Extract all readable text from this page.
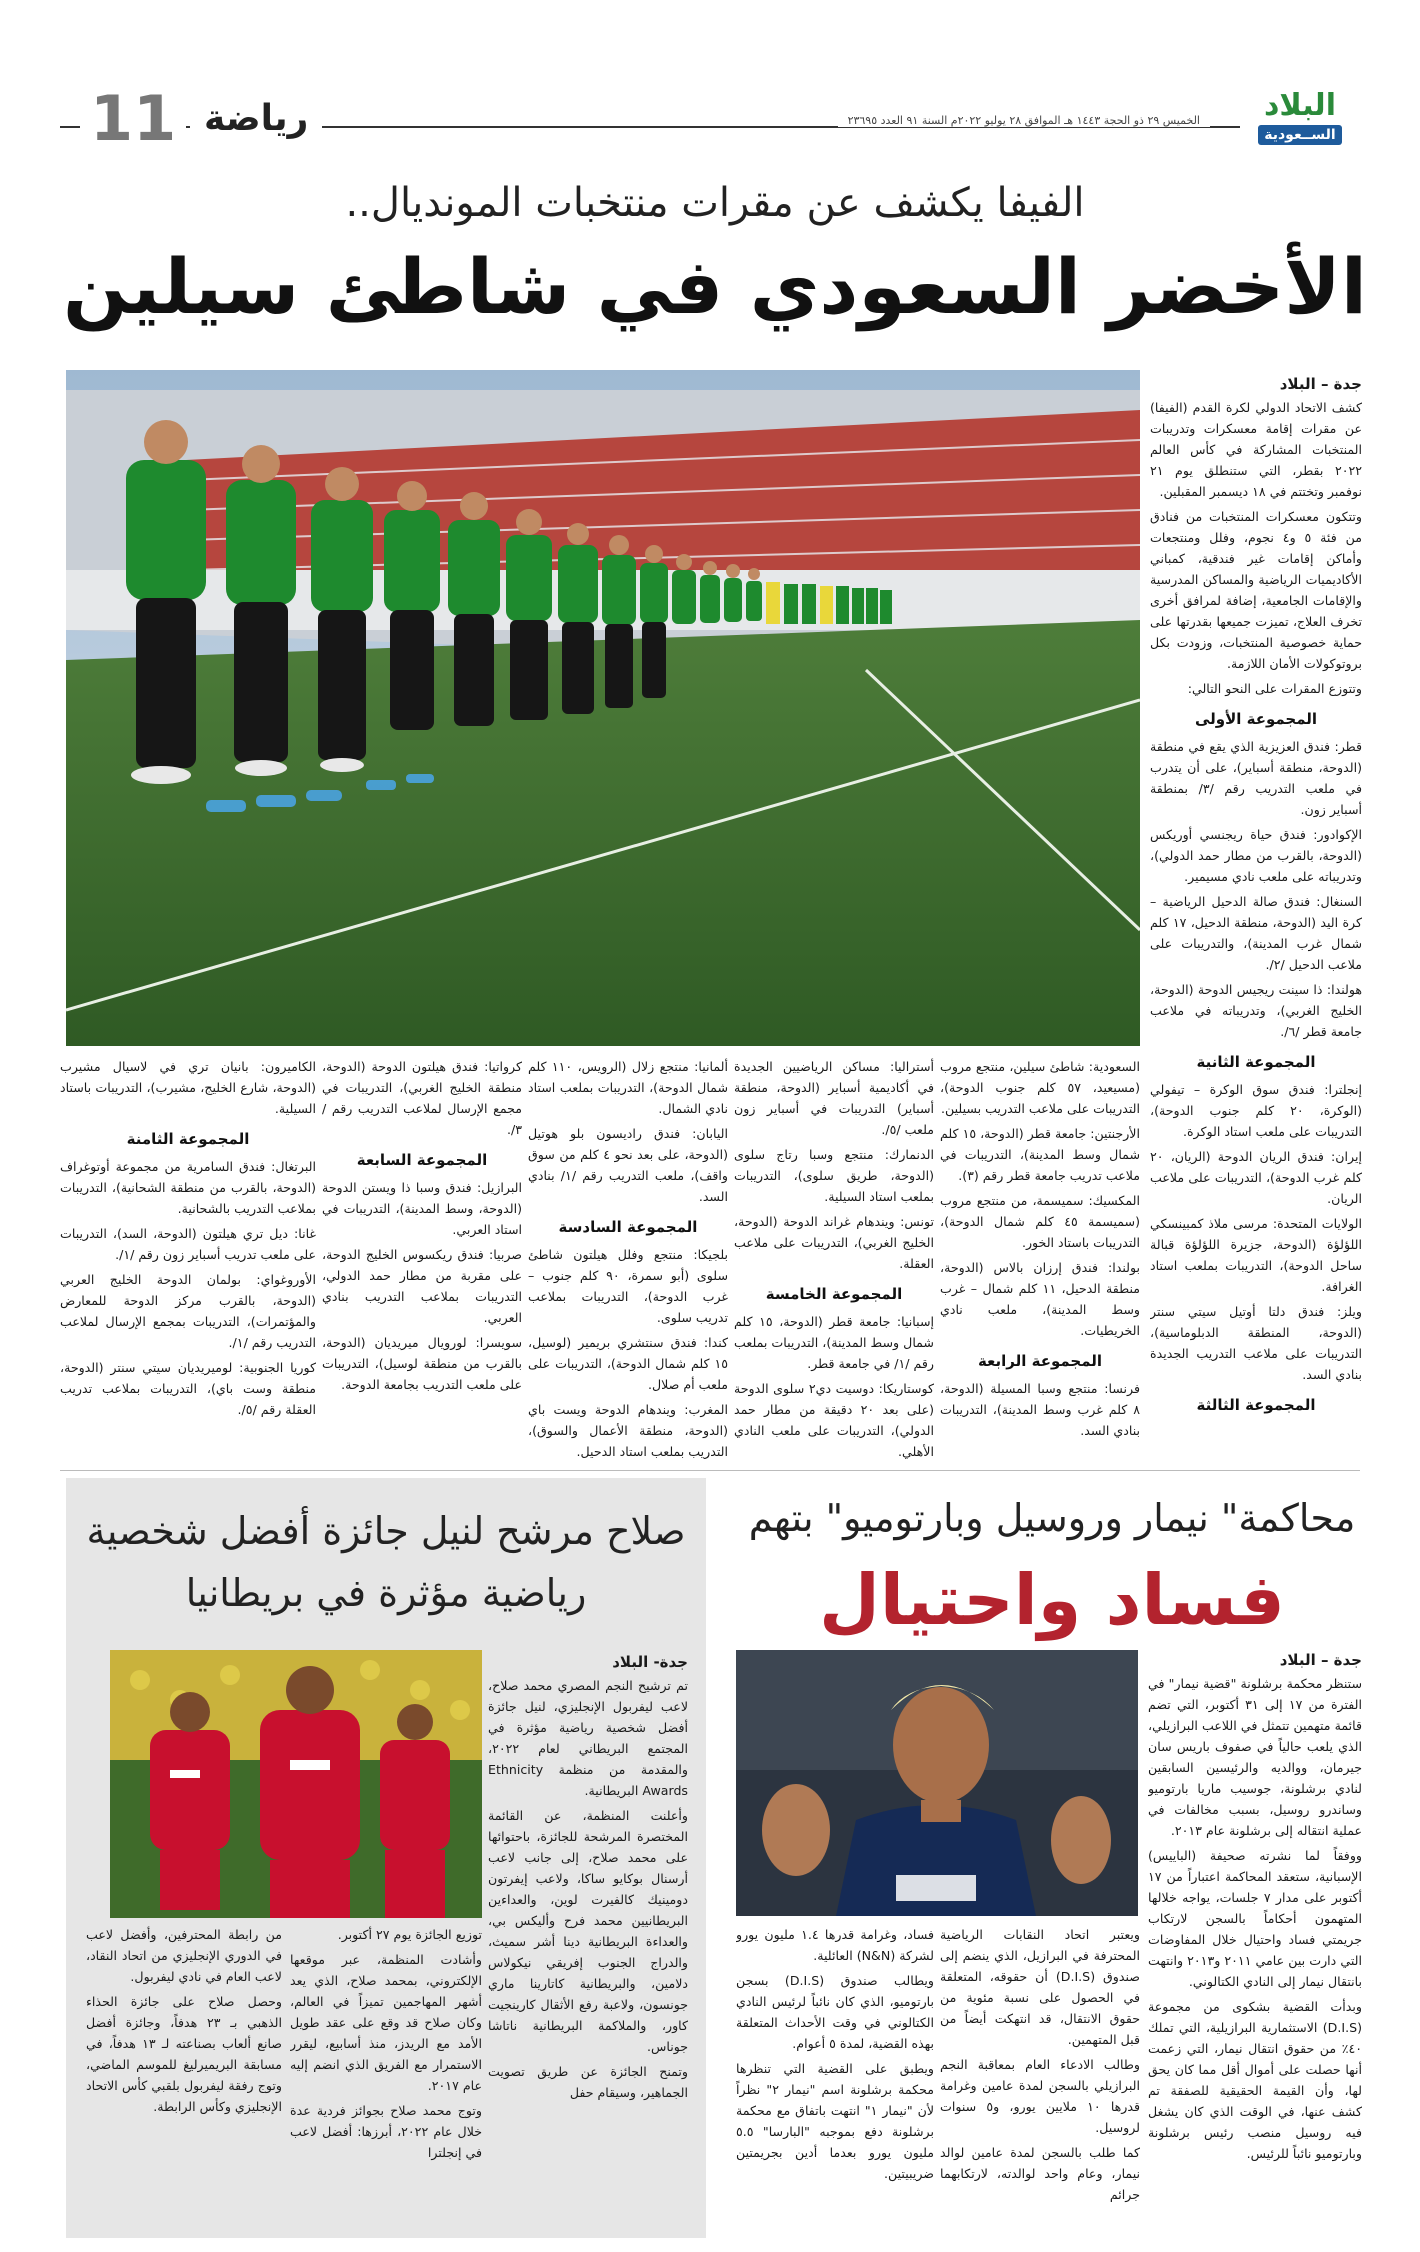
البلاد
الســعودية
الخميس ٢٩ ذو الحجة ١٤٤٣ هـ الموافق ٢٨ يوليو ٢٠٢٢م السنة ٩١ العدد ٢٣٦٩٥
رياضة
11
الفيفا يكشف عن مقرات منتخبات المونديال..
الأخضر السعودي في شاطئ سيلين
جدة – البلاد

كشف الاتحاد الدولي لكرة القدم (الفيفا) عن مقرات إقامة معسكرات وتدريبات المنتخبات المشاركة في كأس العالم ٢٠٢٢ بقطر، التي ستنطلق يوم ٢١ نوفمبر وتختتم في ١٨ ديسمبر المقبلين.

وتتكون معسكرات المنتخبات من فنادق من فئة ٥ و٤ نجوم، وفلل ومنتجعات وأماكن إقامات غير فندقية، كمباني الأكاديميات الرياضية والمساكن المدرسية والإقامات الجامعية، إضافة لمرافق أخرى تخرف العلاج، تميزت جميعها بقدرتها على حماية خصوصية المنتخبات، وزودت بكل بروتوكولات الأمان اللازمة.

وتتوزع المقرات على النحو التالي:

المجموعة الأولى

قطر: فندق العزيزية الذي يقع في منطقة (الدوحة، منطقة أسباير)، على أن يتدرب في ملعب التدريب رقم /٣/ بمنطقة أسباير زون.

الإكوادور: فندق حياة ريجنسي أوريكس (الدوحة، بالقرب من مطار حمد الدولي)، وتدريباته على ملعب نادي مسيمير.

السنغال: فندق صالة الدحيل الرياضية – كرة اليد (الدوحة، منطقة الدحيل، ١٧ كلم شمال غرب المدينة)، والتدريبات على ملاعب الدحيل /٢/.

هولندا: ذا سينت ريجيس الدوحة (الدوحة، الخليج الغربي)، وتدريباته في ملاعب جامعة قطر /٦/.

المجموعة الثانية

إنجلترا: فندق سوق الوكرة – تيفولي (الوكرة، ٢٠ كلم جنوب الدوحة)، التدريبات على ملعب استاد الوكرة.

إيران: فندق الريان الدوحة (الريان، ٢٠ كلم غرب الدوحة)، التدريبات على ملاعب الريان.

الولايات المتحدة: مرسى ملاذ كمبينسكي اللؤلؤة (الدوحة، جزيرة اللؤلؤة قبالة ساحل الدوحة)، التدريبات بملعب استاد الغرافة.

ويلز: فندق دلتا أوتيل سيتي سنتر (الدوحة، المنطقة الدبلوماسية)، التدريبات على ملاعب التدريب الجديدة بنادي السد.

المجموعة الثالثة

السعودية: شاطئ سيلين، منتجع مروب (مسيعيد، ٥٧ كلم جنوب الدوحة)، التدريبات على ملاعب التدريب بسيلين.

الأرجنتين: جامعة قطر (الدوحة، ١٥ كلم شمال وسط المدينة)، التدريبات في ملاعب تدريب جامعة قطر رقم (٣).

المكسيك: سميسمة، من منتجع مروب (سميسمة ٤٥ كلم شمال الدوحة)، التدريبات باستاد الخور.

بولندا: فندق إرزان بالاس (الدوحة، منطقة الدحيل، ١١ كلم شمال – غرب وسط المدينة)، ملعب نادي الخريطيات.

المجموعة الرابعة

فرنسا: منتجع وسبا المسيلة (الدوحة، ٨ كلم غرب وسط المدينة)، التدريبات بنادي السد.

أستراليا: مساكن الرياضيين الجديدة في أكاديمية أسباير (الدوحة، منطقة أسباير) التدريبات في أسباير زون ملعب /٥/.

الدنمارك: منتجع وسبا رتاج سلوى (الدوحة، طريق سلوى)، التدريبات بملعب استاد السيلية.

تونس: ويندهام غراند الدوحة (الدوحة، الخليج الغربي)، التدريبات على ملاعب العقلة.

المجموعة الخامسة

إسبانيا: جامعة قطر (الدوحة، ١٥ كلم شمال وسط المدينة)، التدريبات بملعب رقم /١/ في جامعة قطر.

كوستاريكا: دوسيت دي٢ سلوى الدوحة (على بعد ٢٠ دقيقة من مطار حمد الدولي)، التدريبات على ملعب النادي الأهلي.

ألمانيا: منتجع زلال (الرويس، ١١٠ كلم شمال الدوحة)، التدريبات بملعب استاد نادي الشمال.

اليابان: فندق راديسون بلو هوتيل (الدوحة، على بعد نحو ٤ كلم من سوق واقف)، ملعب التدريب رقم /١/ بنادي السد.

المجموعة السادسة

بلجيكا: منتجع وفلل هيلتون شاطئ سلوى (أبو سمرة، ٩٠ كلم جنوب – غرب الدوحة)، التدريبات بملاعب تدريب سلوى.

كندا: فندق سنتشري بريمير (لوسيل، ١٥ كلم شمال الدوحة)، التدريبات على ملعب أم صلال.

المغرب: ويندهام الدوحة ويست باي (الدوحة، منطقة الأعمال والسوق)، التدريب بملعب استاد الدحيل.

كرواتيا: فندق هيلتون الدوحة (الدوحة، منطقة الخليج الغربي)، التدريبات في مجمع الإرسال لملاعب التدريب رقم /٣/.

المجموعة السابعة

البرازيل: فندق وسبا ذا ويستن الدوحة (الدوحة، وسط المدينة)، التدريبات في استاد العربي.

صربيا: فندق ريكسوس الخليج الدوحة، على مقربة من مطار حمد الدولي، التدريبات بملاعب التدريب بنادي العربي.

سويسرا: لورويال ميريديان (الدوحة، بالقرب من منطقة لوسيل)، التدريبات على ملعب التدريب بجامعة الدوحة.

الكاميرون: بانيان تري في لاسيال مشيرب (الدوحة، شارع الخليج، مشيرب)، التدريبات باستاد السيلية.

المجموعة الثامنة

البرتغال: فندق السامرية من مجموعة أوتوغراف (الدوحة، بالقرب من منطقة الشحانية)، التدريبات بملاعب التدريب بالشحانية.

غانا: ديل تري هيلتون (الدوحة، السد)، التدريبات على ملعب تدريب أسباير زون رقم /١/.

الأوروغواي: بولمان الدوحة الخليج العربي (الدوحة، بالقرب مركز الدوحة للمعارض والمؤتمرات)، التدريبات بمجمع الإرسال لملاعب التدريب رقم /١/.

كوريا الجنوبية: لوميريديان سيتي سنتر (الدوحة، منطقة وست باي)، التدريبات بملاعب تدريب العقلة رقم /٥/.

صلاح مرشح لنيل جائزة أفضل شخصية رياضية مؤثرة في بريطانيا
جدة- البلاد

تم ترشيح النجم المصري محمد صلاح، لاعب ليفربول الإنجليزي، لنيل جائزة أفضل شخصية رياضية مؤثرة في المجتمع البريطاني لعام ٢٠٢٢، والمقدمة من منظمة Ethnicity Awards البريطانية.

وأعلنت المنظمة، عن القائمة المختصرة المرشحة للجائزة، باحتوائها على محمد صلاح، إلى جانب لاعب أرسنال بوكايو ساكا، ولاعب إيفرتون دومينيك كالفيرت لوين، والعداءين البريطانيين محمد فرح وأليكس بي، والعداءة البريطانية دينا أشر سميث، والدراج الجنوب إفريقي نيكولاس دلامين، والبريطانية كاتارينا ماري جونسون، ولاعبة رفع الأثقال كارينجيت كاور، والملاكمة البريطانية ناتاشا جوناس.

وتمنح الجائزة عن طريق تصويت الجماهير، وسيقام حفل

توزيع الجائزة يوم ٢٧ أكتوبر.

وأشادت المنظمة، عبر موقعها الإلكتروني، بمحمد صلاح، الذي يعد أشهر المهاجمين تميزاً في العالم، وكان صلاح قد وقع على عقد طويل الأمد مع الريدز، منذ أسابيع، ليقرر الاستمرار مع الفريق الذي انضم إليه عام ٢٠١٧.

وتوج محمد صلاح بجوائز فردية عدة خلال عام ٢٠٢٢، أبرزها: أفضل لاعب في إنجلترا

من رابطة المحترفين، وأفضل لاعب في الدوري الإنجليزي من اتحاد النقاد، لاعب العام في نادي ليفربول.

وحصل صلاح على جائزة الحذاء الذهبي بـ ٢٣ هدفاً، وجائزة أفضل صانع ألعاب بصناعته لـ ١٣ هدفاً، في مسابقة البريميرليغ للموسم الماضي، وتوج رفقة ليفربول بلقبي كأس الاتحاد الإنجليزي وكأس الرابطة.

محاكمة" نيمار وروسيل وبارتوميو" بتهم
فساد واحتيال
جدة – البلاد

ستنظر محكمة برشلونة "قضية نيمار" في الفترة من ١٧ إلى ٣١ أكتوبر، التي تضم قائمة متهمين تتمثل في اللاعب البرازيلي، الذي يلعب حالياً في صفوف باريس سان جيرمان، ووالديه والرئيسين السابقين لنادي برشلونة، جوسيب ماريا بارتوميو وساندرو روسيل، بسبب مخالفات في عملية انتقاله إلى برشلونة عام ٢٠١٣.

ووفقاً لما نشرته صحيفة (الباييس) الإسبانية، ستعقد المحاكمة اعتباراً من ١٧ أكتوبر على مدار ٧ جلسات، يواجه خلالها المتهمون أحكاماً بالسجن لارتكاب جريمتي فساد واحتيال خلال المفاوضات التي دارت بين عامي ٢٠١١ و٢٠١٣ وانتهت بانتقال نيمار إلى النادي الكتالوني.

وبدأت القضية بشكوى من مجموعة (D.I.S) الاستثمارية البرازيلية، التي تملك ٤٠٪ من حقوق انتقال نيمار، التي زعمت أنها حصلت على أموال أقل مما كان يحق لها، وأن القيمة الحقيقية للصفقة تم كشف عنها، في الوقت الذي كان يشغل فيه روسيل منصب رئيس برشلونة وبارتوميو نائباً للرئيس.

ويعتبر اتحاد النقابات الرياضية المحترفة في البرازيل، الذي ينضم إلى صندوق (D.I.S) أن حقوقه، المتعلقة في الحصول على نسبة مئوية من حقوق الانتقال، قد انتهكت أيضاً من قبل المتهمين.

وطالب الادعاء العام بمعاقبة النجم البرازيلي بالسجن لمدة عامين وغرامة قدرها ١٠ ملايين يورو، و٥ سنوات لروسيل.

كما طلب بالسجن لمدة عامين لوالد نيمار، وعام واحد لوالدته، لارتكابهما جرائم

فساد، وغرامة قدرها ١.٤ مليون يورو لشركة (N&N) العائلية.

ويطالب صندوق (D.I.S) بسجن بارتوميو، الذي كان نائباً لرئيس النادي الكتالوني في وقت الأحداث المتعلقة بهذه القضية، لمدة ٥ أعوام.

ويطبق على القضية التي تنظرها محكمة برشلونة اسم "نيمار ٢" نظراً لأن "نيمار ١" انتهت باتفاق مع محكمة برشلونة دفع بموجبه "البارسا" ٥.٥ مليون يورو بعدما أدين بجريمتين ضريبيتين.
